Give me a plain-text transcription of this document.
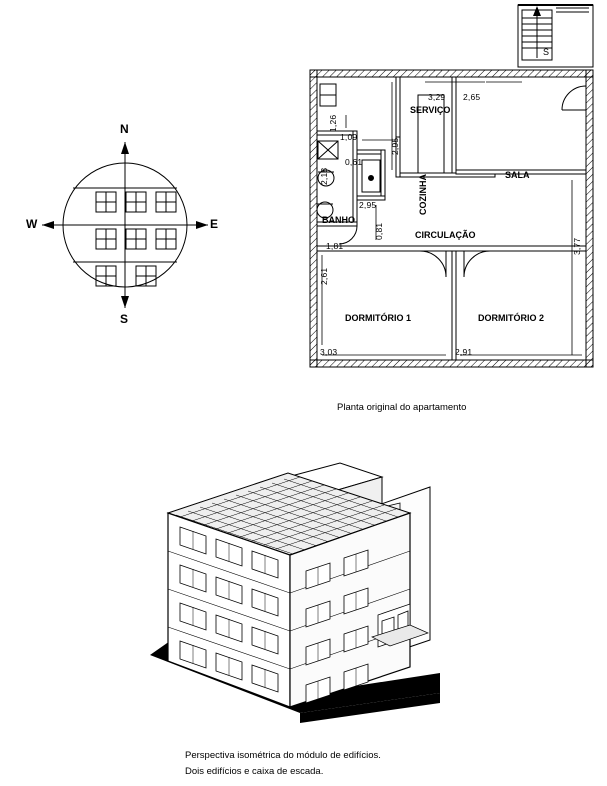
N
S
E
W
SERVIÇO
COZINHA	SALA
CIRCULAÇÃO
BANHO
DORMITÓRIO 1	DORMITÓRIO 2
S
3,29 2,65
1,26
1,09
2,95
0,61
2,18
2,95
0,81
1,81
2,61
3,77
3,03	2,91
Planta original do apartamento
Perspectiva isométrica do módulo de edifícios.
Dois edifícios e caixa de escada.
